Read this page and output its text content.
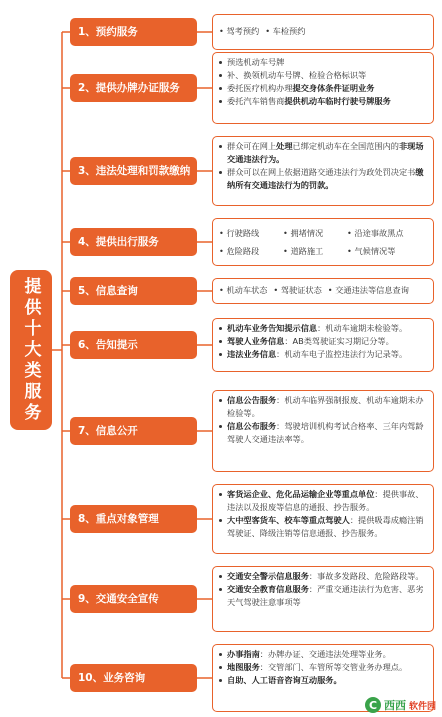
提供十大类服务
1、预约服务	• 驾考预约 • 车检预约
2、提供办牌办证服务
预选机动车号牌
补、换领机动车号牌、检验合格标识等
委托医疗机构办理提交身体条件证明业务
委托汽车销售商提供机动车临时行驶号牌服务
3、违法处理和罚款缴纳
群众可在网上处理已绑定机动车在全国范围内的非现场交通违法行为。
群众可以在网上依据道路交通违法行为政处罚决定书缴纳所有交通违法行为的罚款。
4、提供出行服务
• 行驶路线	• 拥堵情况	• 沿途事故黑点
• 危险路段	• 道路施工	• 气候情况等
5、信息查询	• 机动车状态 • 驾驶证状态 • 交通违法等信息查询
6、告知提示
机动车业务告知提示信息：机动车逾期未检验等。
驾驶人业务信息：AB类驾驶证实习期记分等。
违法业务信息：机动车电子监控违法行为记录等。
7、信息公开
信息公告服务：机动车临界强制报废、机动车逾期未办检验等。
信息公布服务：驾驶培训机构考试合格率、三年内驾龄驾驶人交通违法率等。
8、重点对象管理
客货运企业、危化品运输企业等重点单位：提供事故、违法以及报废等信息的通报、抄告服务。
大中型客货车、校车等重点驾驶人：提供吸毒成瘾注销驾驶证、降级注销等信息通报、抄告服务。
9、交通安全宣传
交通安全警示信息服务：事故多发路段、危险路段等。
交通安全教育信息服务：严重交通违法行为危害、恶劣天气驾驶注意事项等
10、业务咨询
办事指南：办牌办证、交通违法处理等业务。
地图服务：交管部门、车管所等交管业务办理点。
自助、人工语音咨询互动服务。
C 西西 软件园
